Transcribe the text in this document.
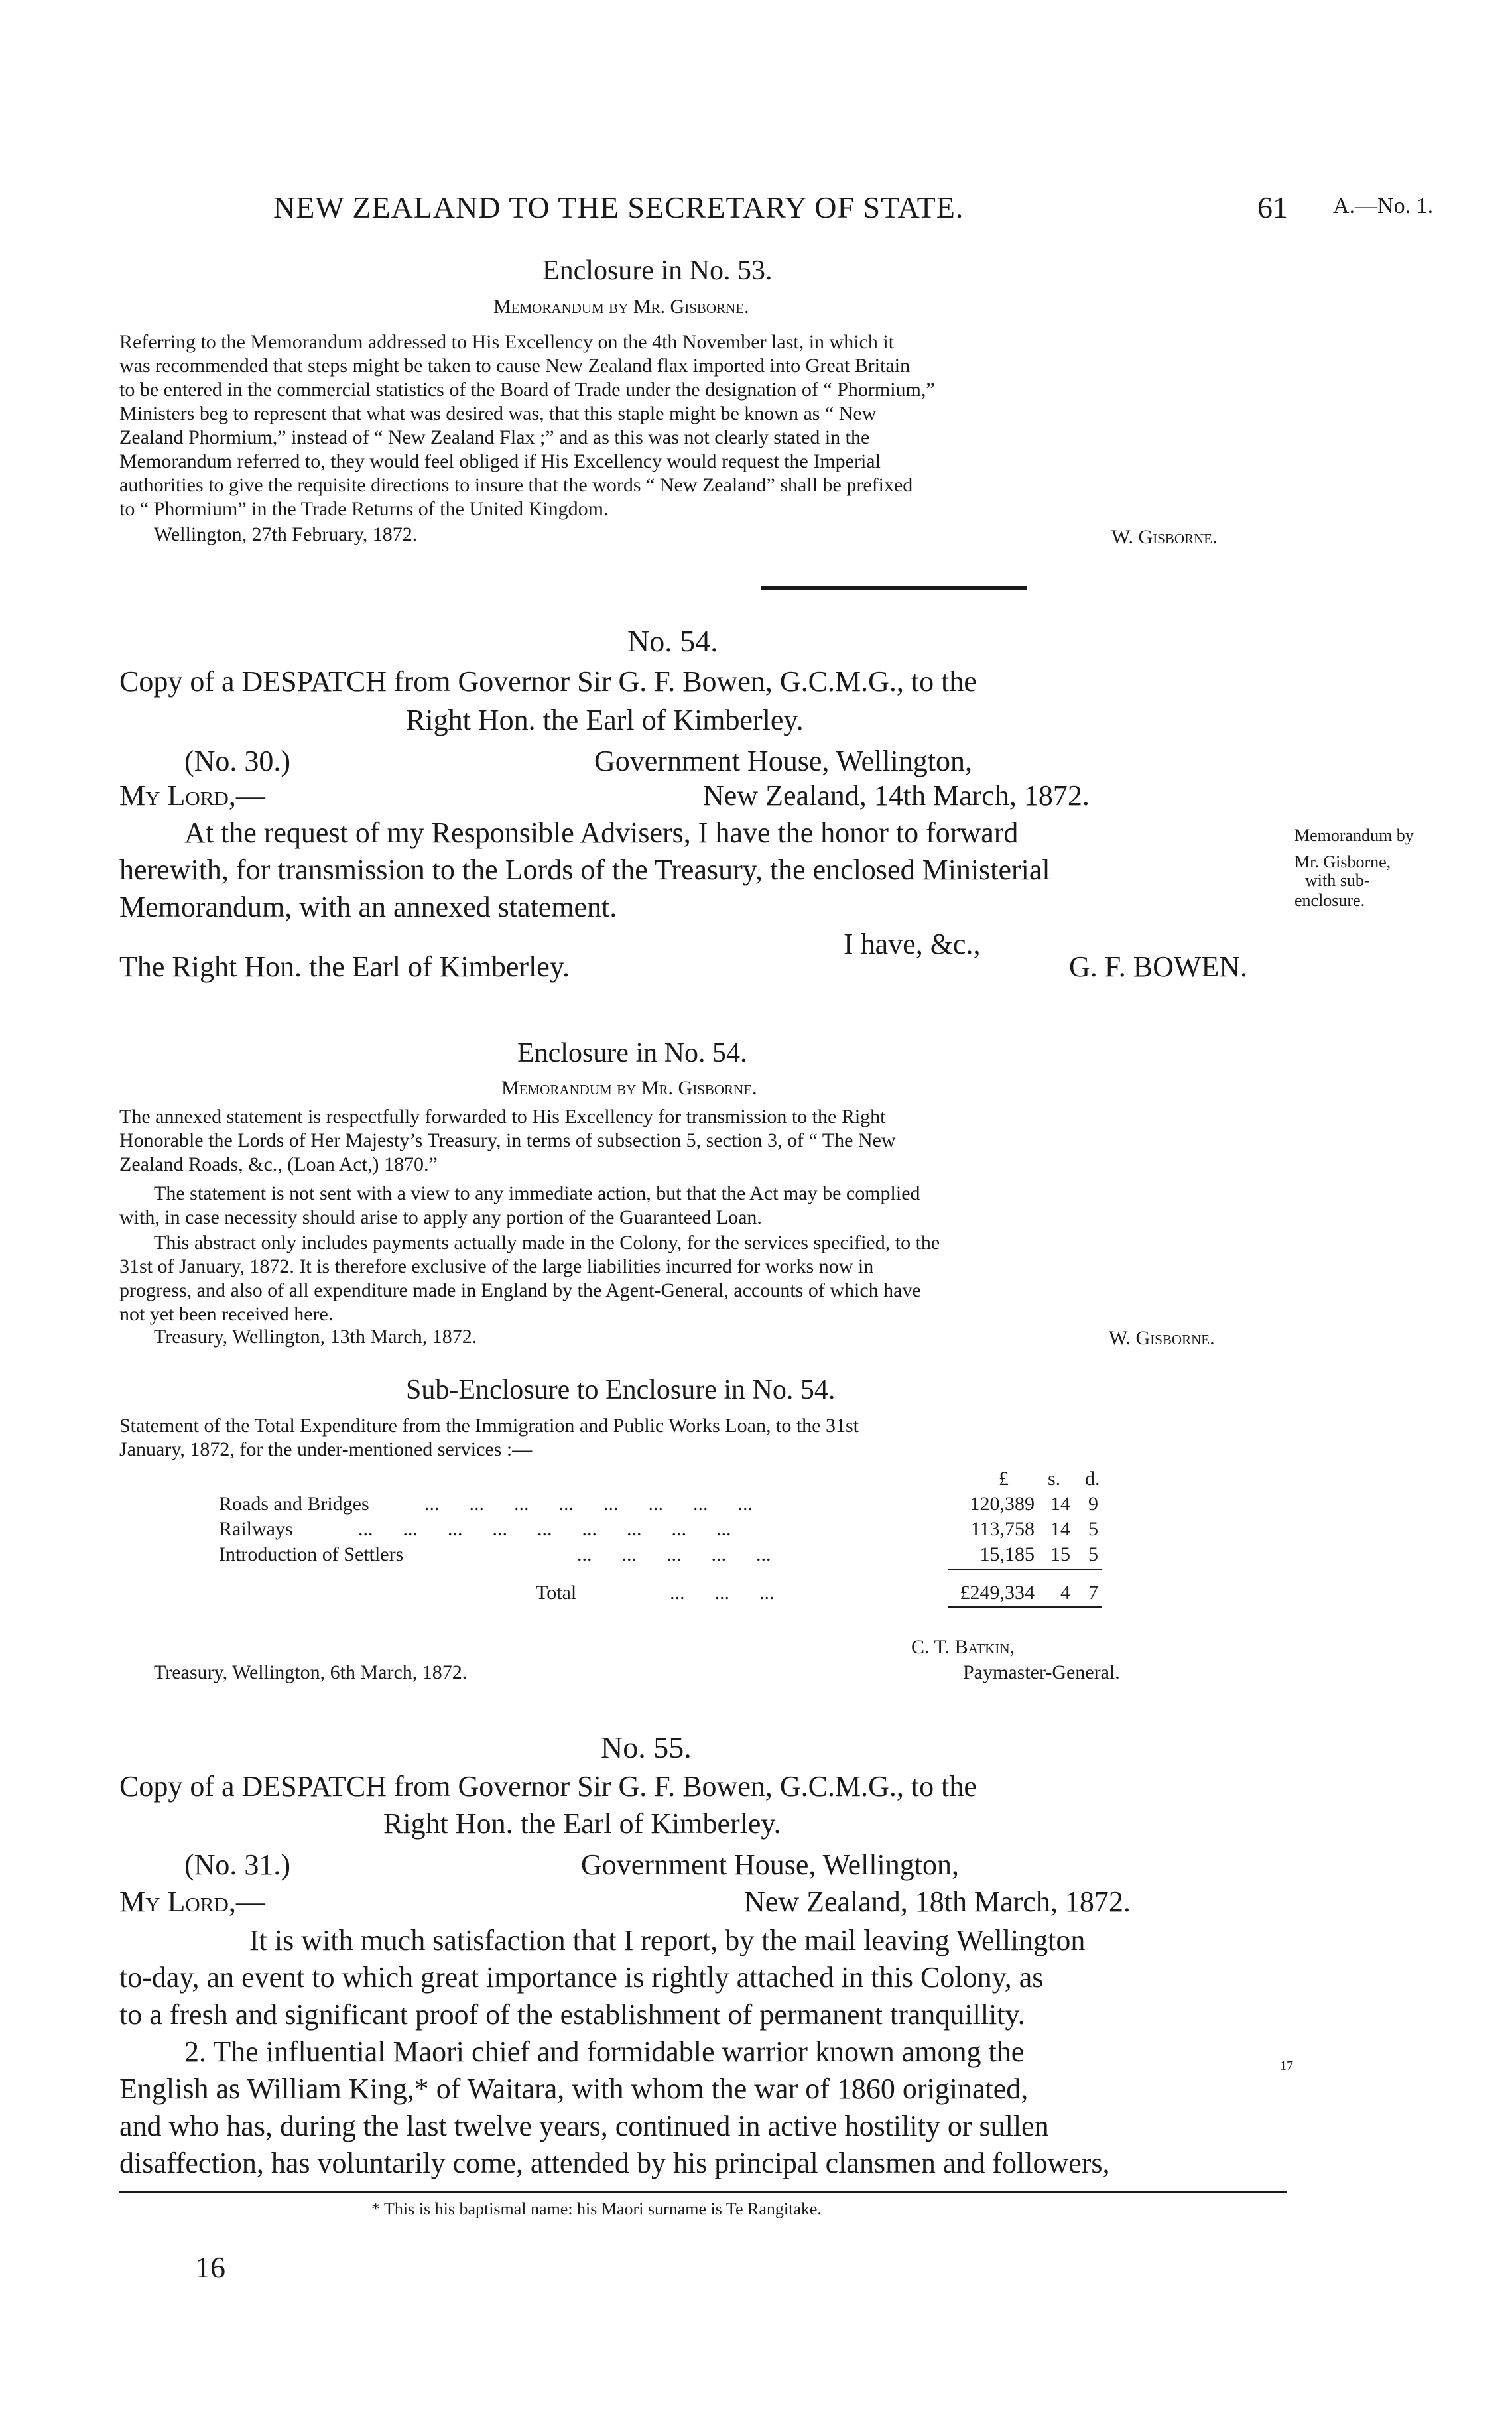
NEW ZEALAND TO THE SECRETARY OF STATE.	61 A.—No. 1.
Enclosure in No. 53.
Memorandum by Mr. Gisborne.
Referring to the Memorandum addressed to His Excellency on the 4th November last, in which it
was recommended that steps might be taken to cause New Zealand flax imported into Great Britain
to be entered in the commercial statistics of the Board of Trade under the designation of “ Phormium,”
Ministers beg to represent that what was desired was, that this staple might be known as “ New
Zealand Phormium,” instead of “ New Zealand Flax ;” and as this was not clearly stated in the
Memorandum referred to, they would feel obliged if His Excellency would request the Imperial
authorities to give the requisite directions to insure that the words “ New Zealand” shall be prefixed
to “ Phormium” in the Trade Returns of the United Kingdom.
Wellington, 27th February, 1872.	W. Gisborne.
No. 54.
Copy of a DESPATCH from Governor Sir G. F. Bowen, G.C.M.G., to the
Right Hon. the Earl of Kimberley.
(No. 30.)	Government House, Wellington,
My Lord,—	New Zealand, 14th March, 1872.
At the request of my Responsible Advisers, I have the honor to forward
herewith, for transmission to the Lords of the Treasury, the enclosed Ministerial
Memorandum, with an annexed statement.
I have, &c.,
The Right Hon. the Earl of Kimberley.	G. F. BOWEN.
Memorandum by
Mr. Gisborne,
with sub-
enclosure.
Enclosure in No. 54.
Memorandum by Mr. Gisborne.
The annexed statement is respectfully forwarded to His Excellency for transmission to the Right
Honorable the Lords of Her Majesty’s Treasury, in terms of subsection 5, section 3, of “ The New
Zealand Roads, &c., (Loan Act,) 1870.”
The statement is not sent with a view to any immediate action, but that the Act may be complied
with, in case necessity should arise to apply any portion of the Guaranteed Loan.
This abstract only includes payments actually made in the Colony, for the services specified, to the
31st of January, 1872. It is therefore exclusive of the large liabilities incurred for works now in
progress, and also of all expenditure made in England by the Agent-General, accounts of which have
not yet been received here.
Treasury, Wellington, 13th March, 1872.	W. Gisborne.
Sub-Enclosure to Enclosure in No. 54.
Statement of the Total Expenditure from the Immigration and Public Works Loan, to the 31st
January, 1872, for the under-mentioned services :—
£ s. d.
Roads and Bridges	...      ...      ...      ...      ...      ...      ...      ...	120,389 14 9
Railways	...      ...      ...      ...      ...      ...      ...      ...      ...	113,758 14 5
Introduction of Settlers	...      ...      ...      ...      ...	15,185 15 5
Total	...      ...      ...	£249,334	4 7
C. T. Batkin,
Treasury, Wellington, 6th March, 1872.	Paymaster-General.
No. 55.
Copy of a DESPATCH from Governor Sir G. F. Bowen, G.C.M.G., to the
Right Hon. the Earl of Kimberley.
(No. 31.)	Government House, Wellington,
My Lord,—	New Zealand, 18th March, 1872.
It is with much satisfaction that I report, by the mail leaving Wellington
to-day, an event to which great importance is rightly attached in this Colony, as
to a fresh and significant proof of the establishment of permanent tranquillity.
2. The influential Maori chief and formidable warrior known among the
English as William King,* of Waitara, with whom the war of 1860 originated,
and who has, during the last twelve years, continued in active hostility or sullen
disaffection, has voluntarily come, attended by his principal clansmen and followers,
17
* This is his baptismal name: his Maori surname is Te Rangitake.
16
